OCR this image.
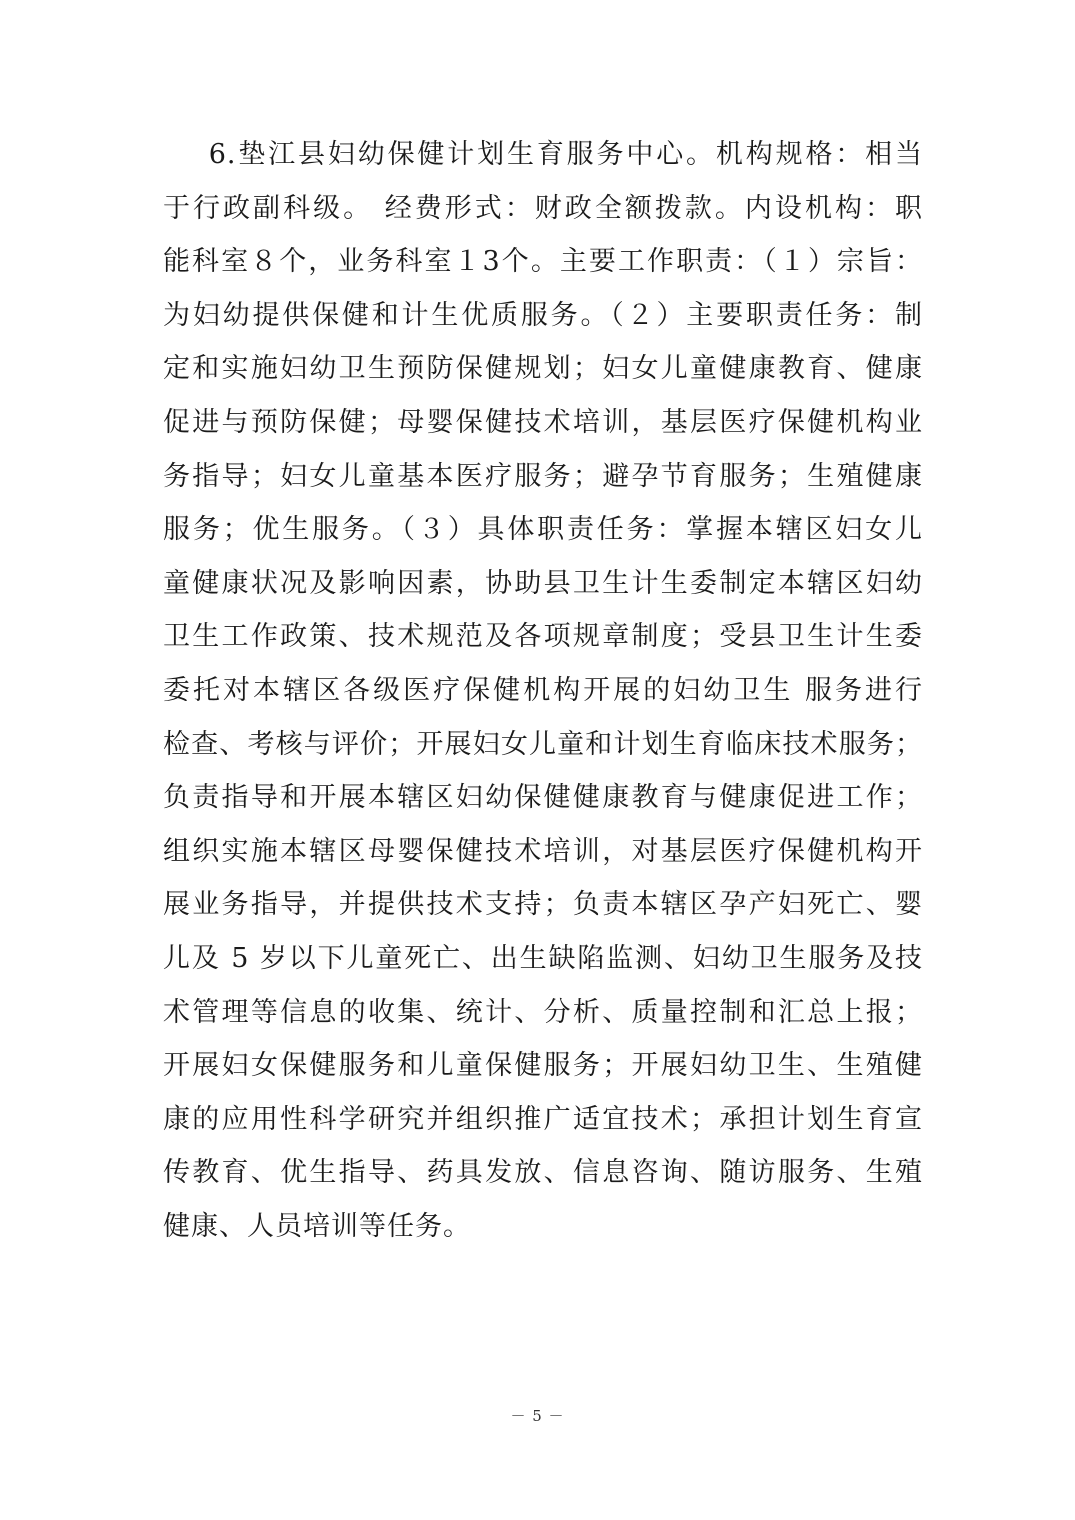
6.垫江县妇幼保健计划生育服务中心。机构规格：相当
于行政副科级。 经费形式：财政全额拨款。内设机构：职
能科室８个，业务科室１3个。主要工作职责：（１）宗旨：
为妇幼提供保健和计生优质服务。（２）主要职责任务：制
定和实施妇幼卫生预防保健规划；妇女儿童健康教育、健康
促进与预防保健；母婴保健技术培训，基层医疗保健机构业
务指导；妇女儿童基本医疗服务；避孕节育服务；生殖健康
服务；优生服务。（３）具体职责任务：掌握本辖区妇女儿
童健康状况及影响因素，协助县卫生计生委制定本辖区妇幼
卫生工作政策、技术规范及各项规章制度；受县卫生计生委
委托对本辖区各级医疗保健机构开展的妇幼卫生 服务进行
检查、考核与评价；开展妇女儿童和计划生育临床技术服务；
负责指导和开展本辖区妇幼保健健康教育与健康促进工作；
组织实施本辖区母婴保健技术培训，对基层医疗保健机构开
展业务指导，并提供技术支持；负责本辖区孕产妇死亡、婴
儿及 5 岁以下儿童死亡、出生缺陷监测、妇幼卫生服务及技
术管理等信息的收集、统计、分析、质量控制和汇总上报；
开展妇女保健服务和儿童保健服务；开展妇幼卫生、生殖健
康的应用性科学研究并组织推广适宜技术；承担计划生育宣
传教育、优生指导、药具发放、信息咨询、随访服务、生殖
健康、人员培训等任务。
－ 5 －
